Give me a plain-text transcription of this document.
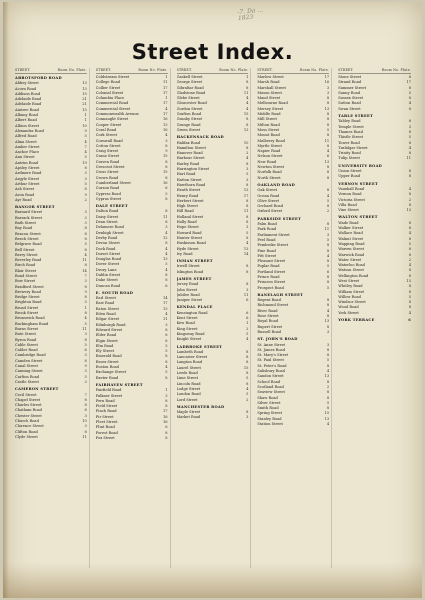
-7. Da ... 1823
Street Index.
STREET.	Room No. Plate.
ABBOTSFORD ROAD
Abbey Street	13
Acorn Road	13
Addison Road	15
Adelaide Road	21
Adelaide Road	21
Aintree Road	15
Albany Road	1
Albert Road	1
Albion Street	10
Alexandra Road	9
Alfred Road	5
Alma Street	4
Amber Street	7
Anchor Place	4
Ann Street	5
Antrim Road	19
Apsley Street	8
Ardmore Road	3
Argyle Street	3
Arthur Street	5
Ash Street	8
Avon Road	9
Ayr Road	2
BANGOR STREET
Barnard Street	3
Barrack Street	3
Bath Street	3
Bay Road	8
Beacon Street	8
Beech Street	8
Belgrave Road	5
Bell Street	8
Berry Street	4
Beverley Road	11
Birch Road	8
Blair Street	14
Bond Street	7
Bow Street	3
Bradford Street	8
Brewery Road	9
Bridge Street	8
Brighton Road	5
Broad Street	1
Brook Street	8
Brunswick Road	4
Buckingham Road	5
Burns Street	11
Bute Street	3
Byron Road	8
Cable Street	5
Calder Road	6
Cambridge Road	3
Camden Street	8
Canal Street	9
Canning Street	3
Carlton Road	5
Castle Street	3
CAMERON STREET
Cecil Street	7
Chapel Street	8
Charles Street	8
Chatham Road	8
Chester Street	3
Church Road	10
Clarence Street	3
Clifton Road	8
Clyde Street	11
STREET.	Room No. Plate.
Coldstream Street	1
College Road	11
Collier Street	17
Colonial Street	17
Columbia Place	1
Commercial Road	17
Commercial Street	4
Commonwealth Avenue	17
Connaught Street	16
Cooper Street	13
Coral Road	16
Cork Street	4
Cornwall Road	3
Cotton Street	8
Craig Street	9
Crane Street	15
Craven Road	8
Crescent Street	8
Cross Street	15
Crown Road	8
Cumberland Street	16
Curzon Road	6
Cypress Road	5
Cyprus Street	8
DALE STREET
Dalton Road	8
Daisy Street	11
Dean Street	8
Delamere Road	3
Denbigh Street	4
Derby Road	12
Devon Street	8
Dock Road	4
Dorset Street	4
Douglas Road	13
Dover Street	5
Drury Lane	4
Dublin Street	8
Duke Street	8
Duncan Road	6
E. SOUTH ROAD
Earl Street	14
East Road	17
Eaton Street	13
Eden Road	4
Edgar Street	11
Edinburgh Road	3
Edward Street	8
Elder Road	8
Elgin Street	8
Elm Road	5
Ely Street	5
Emerald Road	8
Essex Street	8
Euston Road	4
Exchange Street	5
Exeter Road	8
FAIRHAVEN STREET
Fairfield Road	1
Falkner Street	3
Fern Road	8
Field Street	8
Finch Road	17
Fir Street	16
Fleet Street	16
Flint Road	6
Forest Road	8
Fox Street	8
STREET.	Room No. Plate.
Gaskell Street	1
George Street	8
Gibraltar Road	8
Gladstone Road	11
Glebe Street	4
Gloucester Road	4
Gordon Street	4
Grafton Road	15
Granby Street	8
Grange Road	8
Green Street	13
HACKENSACK ROAD
Halifax Road	10
Hamilton Street	8
Hanover Road	2
Harbour Street	4
Harley Road	8
Harrington Street	3
Hart Road	5
Hatton Street	3
Hawthorn Road	8
Heath Street	13
Henry Road	17
Herbert Street	8
High Street	8
Hill Road	11
Holland Street	8
Holly Road	8
Hope Street	3
Howard Road	5
Hunter Street	8
Huskisson Road	4
Hyde Street	13
Ivy Road	14
INMAN STREET
Irwell Street	8
Islington Road	8
JAMES STREET
Jersey Road	8
John Street	3
Jubilee Road	11
Juniper Street	6
KENDAL PLACE
Kensington Road	6
Kent Street	6
Kew Road	1
King Street	2
Kingsway Road	5
Knight Street	4
LADBROKE STREET
Lambeth Road	8
Lancaster Street	8
Langton Road	8
Laurel Street	15
Leeds Road	8
Lime Street	5
Lincoln Road	8
Lodge Street	4
London Road	5
Lord Street	2
MANCHESTER ROAD
Maple Street	8
Market Road	3
STREET.	Room No. Plate.
Marlow Street	17
Marsh Road	16
Marshall Street	3
Mason Street	3
Maud Street	8
Melbourne Road	8
Mersey Street	13
Middle Road	8
Mill Street	8
Milton Road	8
Moss Street	5
Mount Road	8
Mulberry Road	11
Myrtle Street	8
Napier Road	4
Nelson Street	6
New Road	13
Newton Street	8
Norfolk Road	8
North Street	8
OAKLAND ROAD
Oak Street	8
Ocean Road	4
Olive Street	5
Orchard Road	8
Oxford Street	2
PARKSIDE STREET
Palm Road	8
Park Road	11
Parliament Street	3
Peel Road	5
Pembroke Street	8
Pine Road	8
Pitt Street	4
Pleasant Street	8
Poplar Road	5
Portland Street	6
Prince Road	8
Princess Street	8
Prospect Road	5
RANELAGH STREET
Regent Road	8
Richmond Street	8
River Road	4
Rose Street	8
Royal Road	13
Rupert Street	8
Russell Road	3
ST. JOHN'S ROAD
St. Anne Street	3
St. James Road	8
St. Mary's Street	8
St. Paul Street	5
St. Peter's Road	8
Salisbury Road	4
Sandon Street	13
School Road	8
Scotland Road	2
Seaview Street	8
Shaw Road	8
Silver Street	5
Smith Road	8
Spring Street	15
Stanley Road	13
Station Street	4
STREET.	Room No. Plate.
Stone Street	8
Strand Road	17
Summer Street	8
Sunny Road	5
Sussex Street	8
Sutton Road	4
Swan Street	8
TABLE STREET
Tabley Road	8
Temple Street	3
Thames Road	8
Thistle Street	5
Tower Road	8
Trafalgar Street	4
Trinity Road	8
Tulip Street	11
UNIVERSITY ROAD
Union Street	8
Upper Road	8
VERNON STREET
Vauxhall Road	4
Vernon Road	8
Victoria Street	2
Villa Road	8
Vine Street	13
WALTON STREET
Wade Road	8
Walker Street	8
Wallace Road	4
Walnut Street	8
Wapping Road	5
Warren Street	8
Warwick Road	8
Water Street	2
Waterloo Road	4
Watson Street	8
Wellington Road	8
West Street	13
Whitley Road	8
William Street	8
Willow Road	5
Windsor Street	8
Wood Road	8
York Street	4
YORK TERRACE	6
